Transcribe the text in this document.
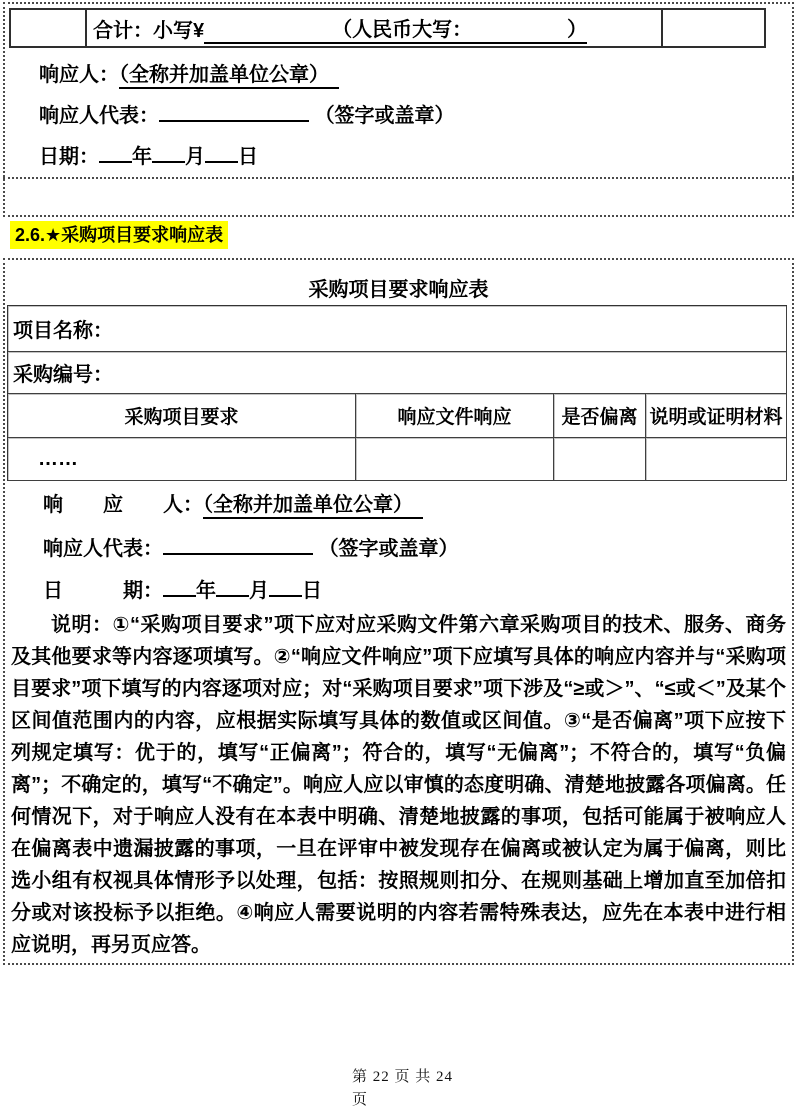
合计：小写¥	（人民币大写：	）
响应人：（全称并加盖单位公章）
响应人代表：	（签字或盖章）
日期： 年 月 日
2.6.★采购项目要求响应表
采购项目要求响应表
项目名称：			
采购编号：			
采购项目要求	响应文件响应	是否偏离	说明或证明材料
……			
响　　应　　人：（全称并加盖单位公章）
响应人代表：	（签字或盖章）
日　　　期： 年 月 日
说明：①“采购项目要求”项下应对应采购文件第六章采购项目的技术、服务、商务及其他要求等内容逐项填写。②“响应文件响应”项下应填写具体的响应内容并与“采购项目要求”项下填写的内容逐项对应；对“采购项目要求”项下涉及“≥或＞”、“≤或＜”及某个区间值范围内的内容，应根据实际填写具体的数值或区间值。③“是否偏离”项下应按下列规定填写：优于的，填写“正偏离”；符合的，填写“无偏离”；不符合的，填写“负偏离”；不确定的，填写“不确定”。响应人应以审慎的态度明确、清楚地披露各项偏离。任何情况下，对于响应人没有在本表中明确、清楚地披露的事项，包括可能属于被响应人在偏离表中遗漏披露的事项，一旦在评审中被发现存在偏离或被认定为属于偏离，则比选小组有权视具体情形予以处理，包括：按照规则扣分、在规则基础上增加直至加倍扣分或对该投标予以拒绝。④响应人需要说明的内容若需特殊表达，应先在本表中进行相应说明，再另页应答。
第 22 页 共 24 页
